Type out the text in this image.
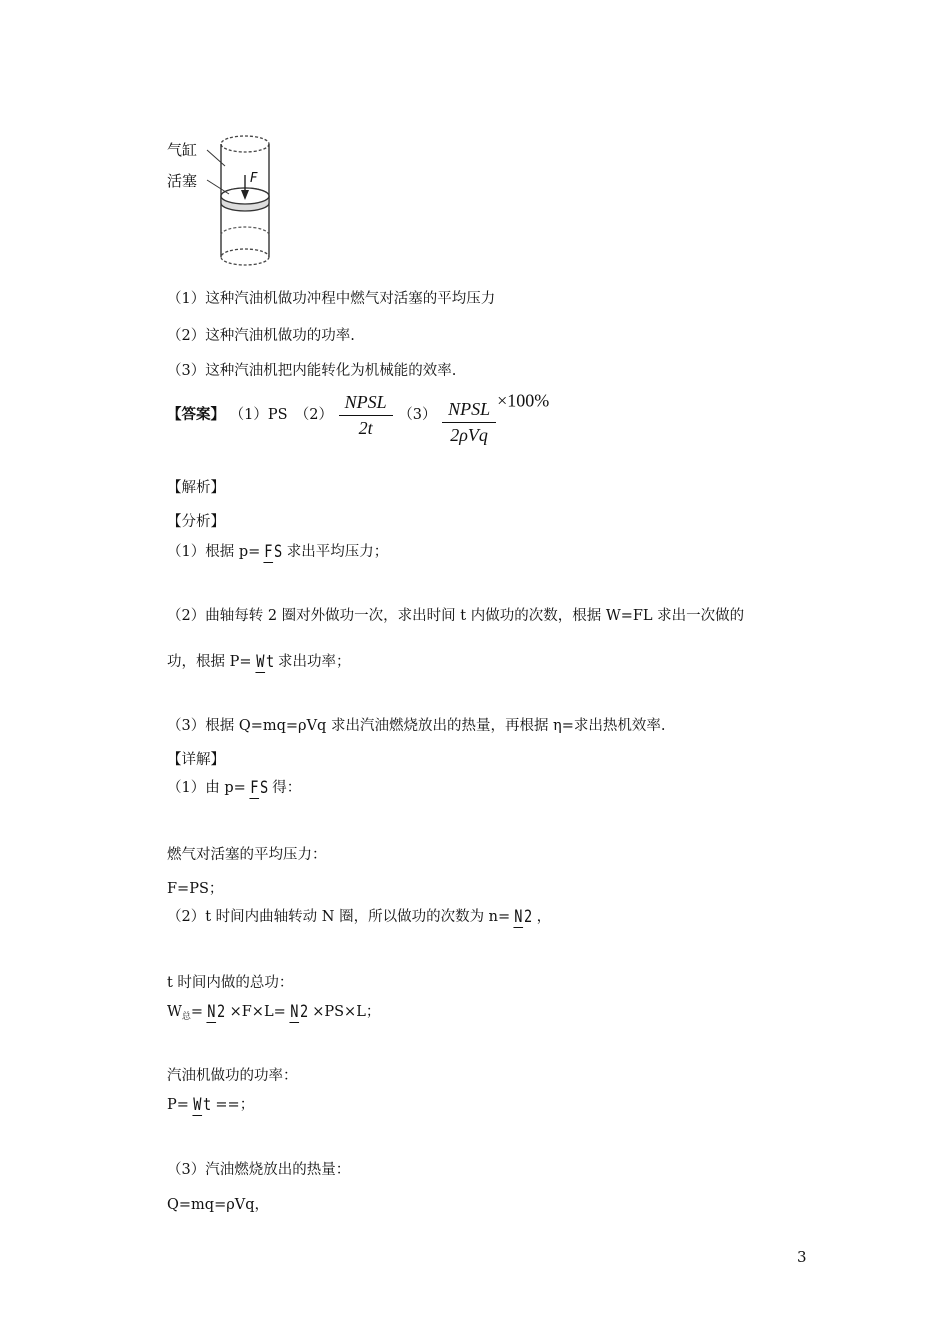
气缸
活塞	F
（1）这种汽油机做功冲程中燃气对活塞的平均压力
（2）这种汽油机做功的功率.
（3）这种汽油机把内能转化为机械能的效率.
【答案】 （1）PS　$(2) \frac{\text{NPSL}}{2t} (3) \frac{\text{NPSL}}{\text{2ρVq}} \times 100\%$
【解析】
【分析】
（1）根据 p= FS 求出平均压力；
（2）曲轴每转 2 圈对外做功一次，求出时间 t 内做功的次数，根据 W=FL 求出一次做的
功，根据 P= Wt 求出功率；
（3）根据 Q=mq=ρVq 求出汽油燃烧放出的热量，再根据 η=求出热机效率.
【详解】
（1）由 p= FS 得：
燃气对活塞的平均压力：
F=PS；
（2）t 时间内曲轴转动 N 圈，所以做功的次数为 n= N2 ，
t 时间内做的总功：
$W_总= N2 \times F\times L= N2 \times PS\times L$；
汽油机做功的功率：
P= Wt ==；
（3）汽油燃烧放出的热量：
Q=mq=ρVq，
3
